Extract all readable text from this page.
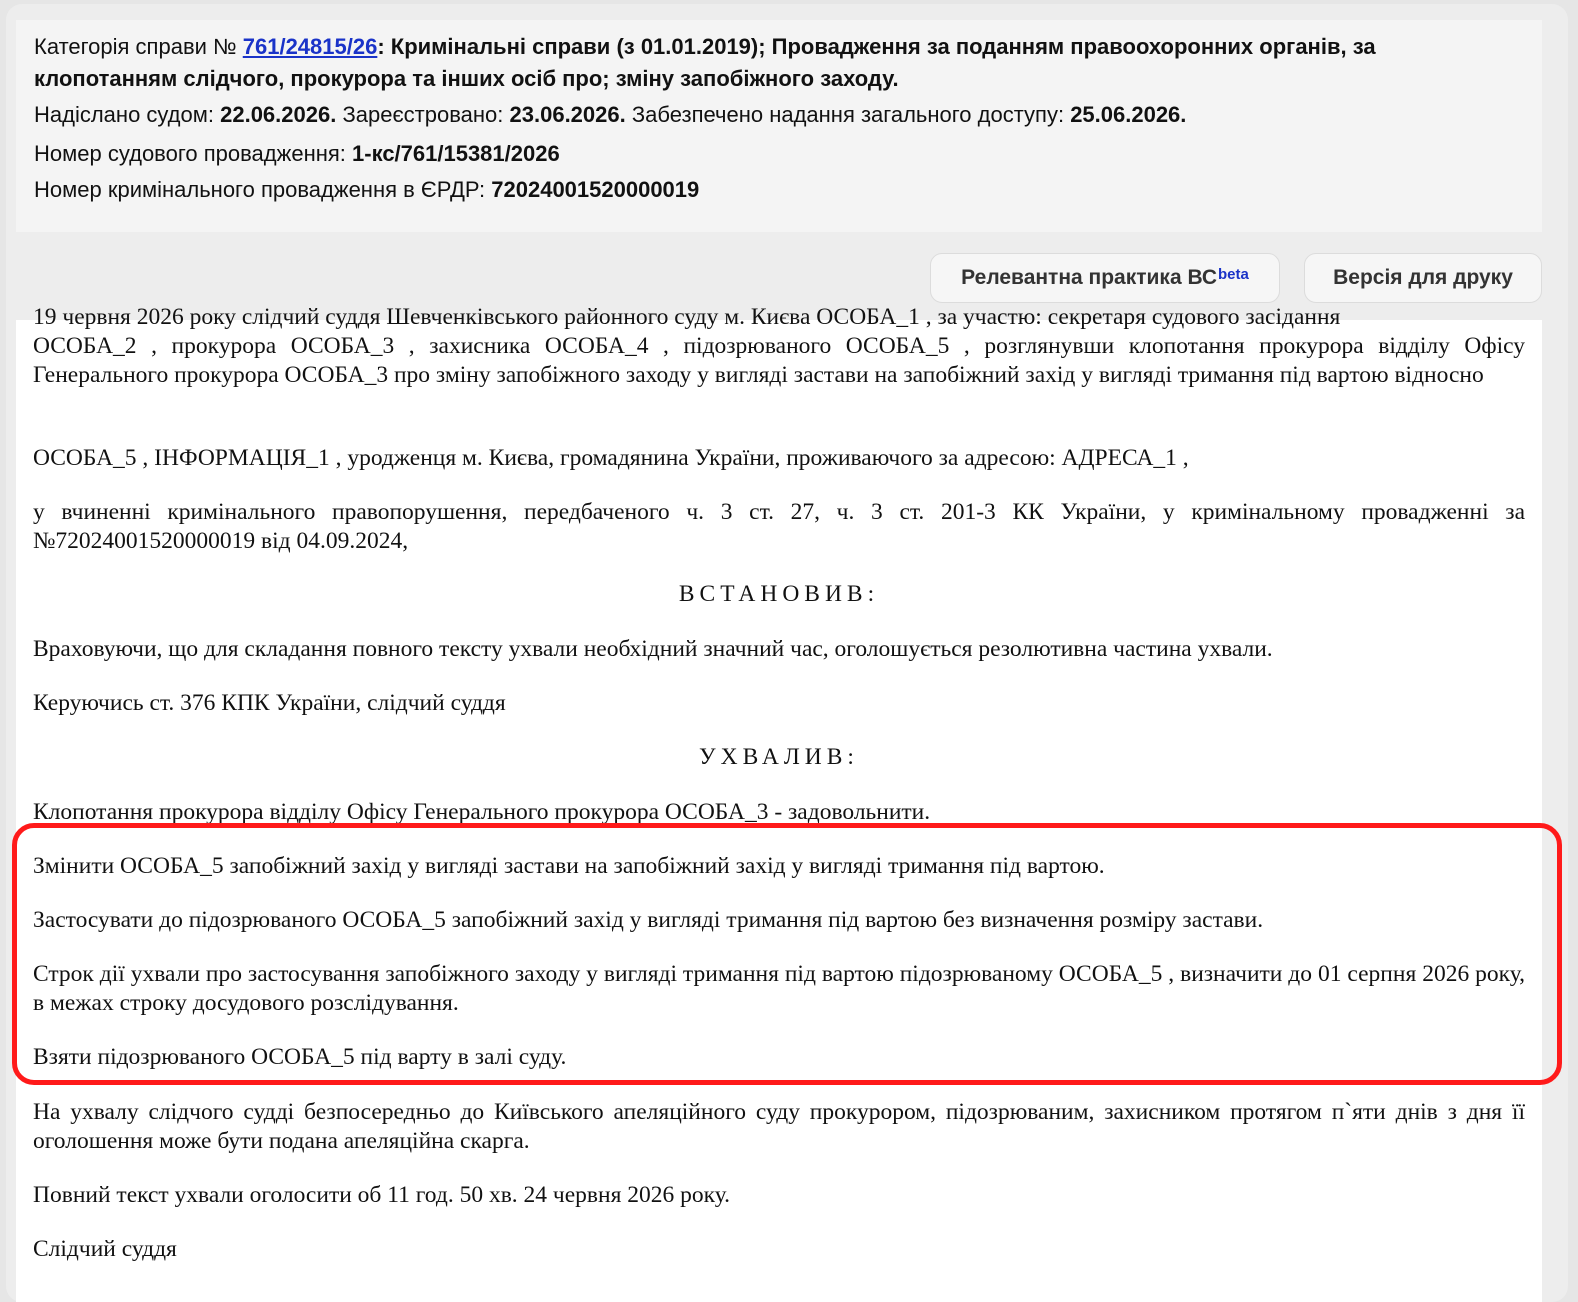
Категорія справи № 761/24815/26: Кримінальні справи (з 01.01.2019); Провадження за поданням правоохоронних органів, за
клопотанням слідчого, прокурора та інших осіб про; зміну запобіжного заходу.
Надіслано судом: 22.06.2026. Зареєстровано: 23.06.2026. Забезпечено надання загального доступу: 25.06.2026.
Номер судового провадження: 1-кс/761/15381/2026
Номер кримінального провадження в ЄРДР: 72024001520000019
Релевантна практика $ВС^{beta}$	Версія для друку
19 червня 2026 року слідчий суддя Шевченківського районного суду м. Києва ОСОБА_1 , за участю: секретаря судового засідання
ОСОБА_2 , прокурора ОСОБА_3 , захисника ОСОБА_4 , підозрюваного ОСОБА_5 , розглянувши клопотання прокурора відділу Офісу Генерального прокурора ОСОБА_3 про зміну запобіжного заходу у вигляді застави на запобіжний захід у вигляді тримання під вартою відносно
ОСОБА_5 , ІНФОРМАЦІЯ_1 , уродженця м. Києва, громадянина України, проживаючого за адресою: АДРЕСА_1 ,
у вчиненні кримінального правопорушення, передбаченого ч. 3 ст. 27, ч. 3 ст. 201-3 КК України, у кримінальному провадженні за №72024001520000019 від 04.09.2024,
ВСТАНОВИВ:
Враховуючи, що для складання повного тексту ухвали необхідний значний час, оголошується резолютивна частина ухвали.
Керуючись ст. 376 КПК України, слідчий суддя
УХВАЛИВ:
Клопотання прокурора відділу Офісу Генерального прокурора ОСОБА_3 - задовольнити.
Змінити ОСОБА_5 запобіжний захід у вигляді застави на запобіжний захід у вигляді тримання під вартою.
Застосувати до підозрюваного ОСОБА_5 запобіжний захід у вигляді тримання під вартою без визначення розміру застави.
Строк дії ухвали про застосування запобіжного заходу у вигляді тримання під вартою підозрюваному ОСОБА_5 , визначити до 01 серпня 2026 року, в межах строку досудового розслідування.
Взяти підозрюваного ОСОБА_5 під варту в залі суду.
На ухвалу слідчого судді безпосередньо до Київського апеляційного суду прокурором, підозрюваним, захисником протягом п`яти днів з дня її оголошення може бути подана апеляційна скарга.
Повний текст ухвали оголосити об 11 год. 50 хв. 24 червня 2026 року.
Слідчий суддя
